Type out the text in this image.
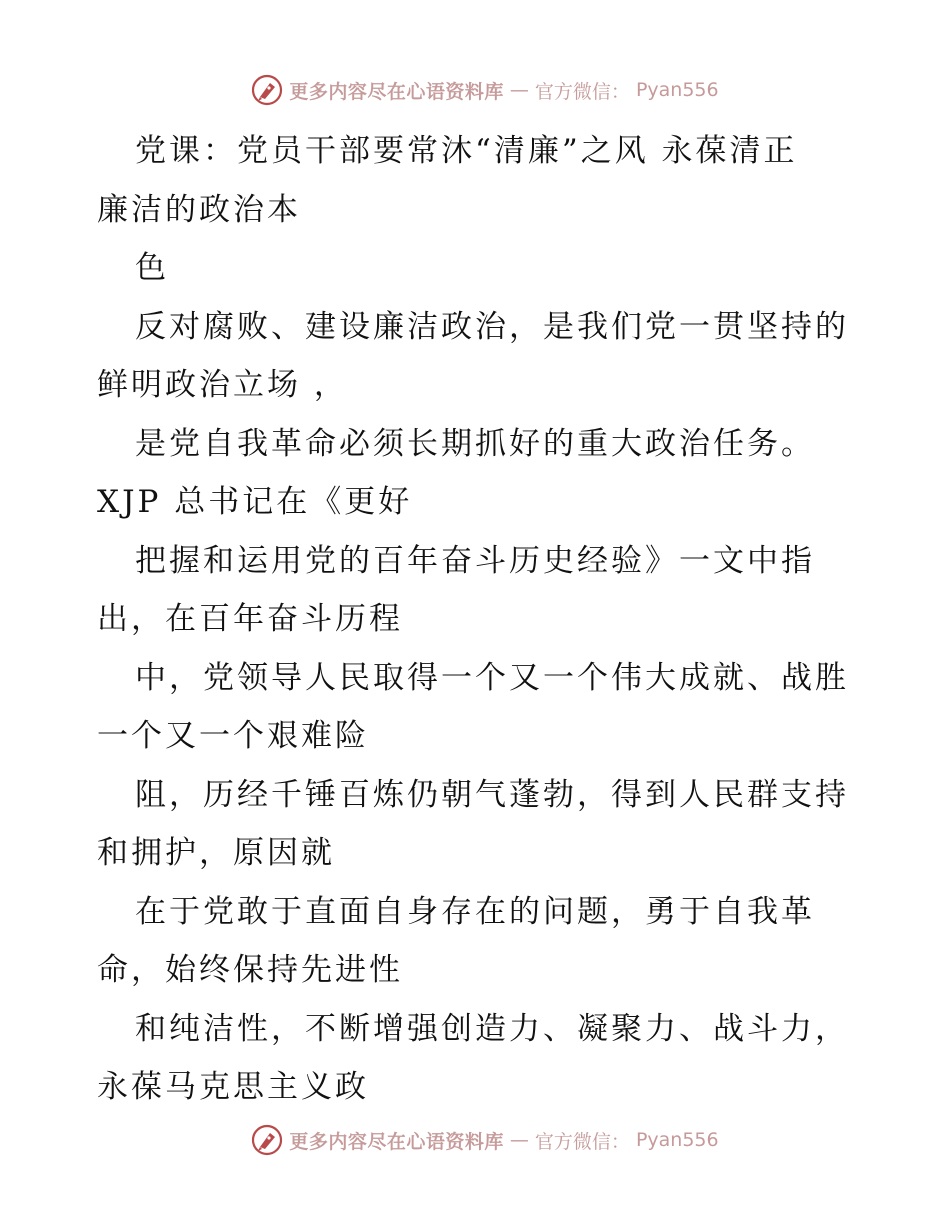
更多内容尽在心语资料库 — 官方微信： Pyan556
党课：党员干部要常沐“清廉”之风 永葆清正
廉洁的政治本
色
反对腐败、建设廉洁政治，是我们党一贯坚持的
鲜明政治立场 ，
是党自我革命必须长期抓好的重大政治任务。
XJP 总书记在《更好
把握和运用党的百年奋斗历史经验》一文中指
出，在百年奋斗历程
中，党领导人民取得一个又一个伟大成就、战胜
一个又一个艰难险
阻，历经千锤百炼仍朝气蓬勃，得到人民群支持
和拥护，原因就
在于党敢于直面自身存在的问题，勇于自我革
命，始终保持先进性
和纯洁性，不断增强创造力、凝聚力、战斗力，
永葆马克思主义政
更多内容尽在心语资料库 — 官方微信： Pyan556
